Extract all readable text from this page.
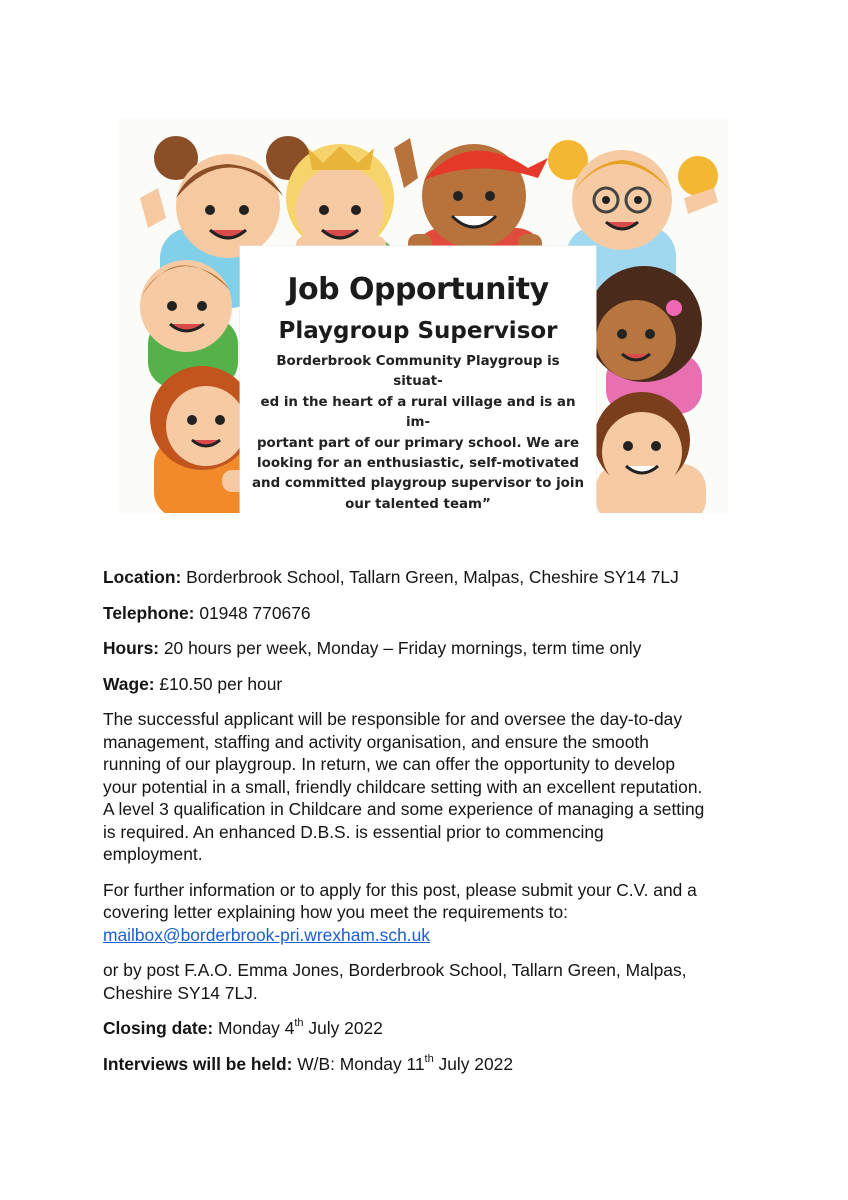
Job Opportunity
Playgroup Supervisor
Borderbrook Community Playgroup is situat-
ed in the heart of a rural village and is an im-
portant part of our primary school. We are
looking for an enthusiastic, self-motivated
and committed playgroup supervisor to join
our talented team”

Location: Borderbrook School, Tallarn Green, Malpas, Cheshire SY14 7LJ

Telephone: 01948 770676

Hours: 20 hours per week, Monday – Friday mornings, term time only

Wage: £10.50 per hour

The successful applicant will be responsible for and oversee the day-to-day
management, staffing and activity organisation, and ensure the smooth
running of our playgroup. In return, we can offer the opportunity to develop
your potential in a small, friendly childcare setting with an excellent reputation.
A level 3 qualification in Childcare and some experience of managing a setting
is required. An enhanced D.B.S. is essential prior to commencing
employment.

For further information or to apply for this post, please submit your C.V. and a
covering letter explaining how you meet the requirements to:
mailbox@borderbrook-pri.wrexham.sch.uk

or by post F.A.O. Emma Jones, Borderbrook School, Tallarn Green, Malpas,
Cheshire SY14 7LJ.

Closing date: Monday 4th July 2022

Interviews will be held: W/B: Monday 11th July 2022
